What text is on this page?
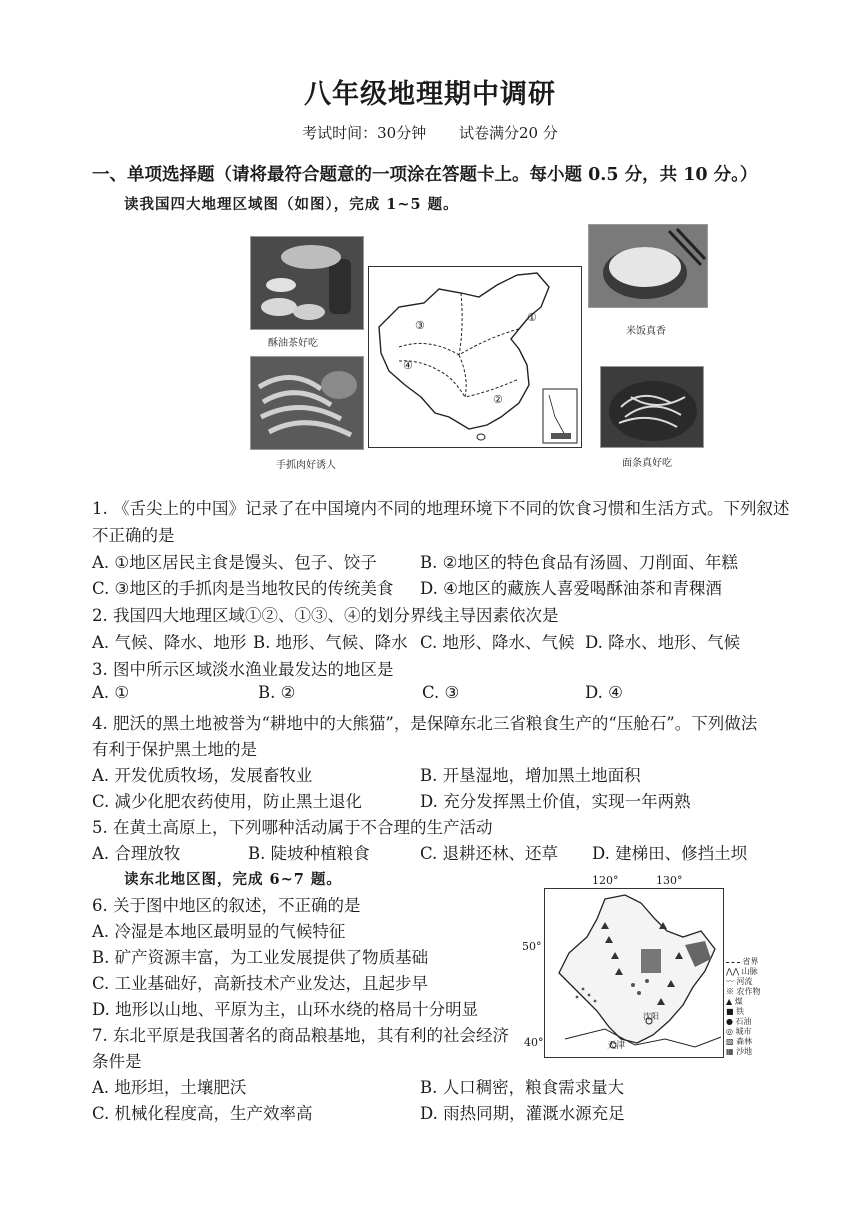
八年级地理期中调研
考试时间：30分钟 试卷满分20 分
一、单项选择题（请将最符合题意的一项涂在答题卡上。每小题 0.5 分，共 10 分。）
读我国四大地理区域图（如图），完成 1~5 题。
酥油茶好吃
手抓肉好诱人
①
②
③
④
米饭真香
面条真好吃
1. 《舌尖上的中国》记录了在中国境内不同的地理环境下不同的饮食习惯和生活方式。下列叙述
不正确的是
A. ①地区居民主食是馒头、包子、饺子	B. ②地区的特色食品有汤圆、刀削面、年糕
C. ③地区的手抓肉是当地牧民的传统美食 D. ④地区的藏族人喜爱喝酥油茶和青稞酒
2. 我国四大地理区域①②、①③、④的划分界线主导因素依次是
A. 气候、降水、地形 B. 地形、气候、降水 C. 地形、降水、气候 D. 降水、地形、气候
3. 图中所示区域淡水渔业最发达的地区是
A. ①	B. ②	C. ③	D. ④
4. 肥沃的黑土地被誉为“耕地中的大熊猫”，是保障东北三省粮食生产的“压舱石”。下列做法
有利于保护黑土地的是
A. 开发优质牧场，发展畜牧业	B. 开垦湿地，增加黑土地面积
C. 减少化肥农药使用，防止黑土退化	D. 充分发挥黑土价值，实现一年两熟
5. 在黄土高原上，下列哪种活动属于不合理的生产活动
A. 合理放牧	B. 陡坡种植粮食	C. 退耕还林、还草 D. 建梯田、修挡土坝
读东北地区图，完成 6~7 题。
6. 关于图中地区的叙述，不正确的是
A. 冷湿是本地区最明显的气候特征
B. 矿产资源丰富，为工业发展提供了物质基础
C. 工业基础好，高新技术产业发达，且起步早
D. 地形以山地、平原为主，山环水绕的格局十分明显
7. 东北平原是我国著名的商品粮基地，其有利的社会经济
条件是
A. 地形坦，土壤肥沃	B. 人口稠密，粮食需求量大
C. 机械化程度高，生产效率高	D. 雨热同期，灌溉水源充足
120°	130°
50°
40°	天津
沈阳
省界
⋀⋀ 山脉
〰 河流
※ 农作物
▲ 煤
■ 铁
● 石油
◎ 城市
▨ 森林
▦ 沙地
